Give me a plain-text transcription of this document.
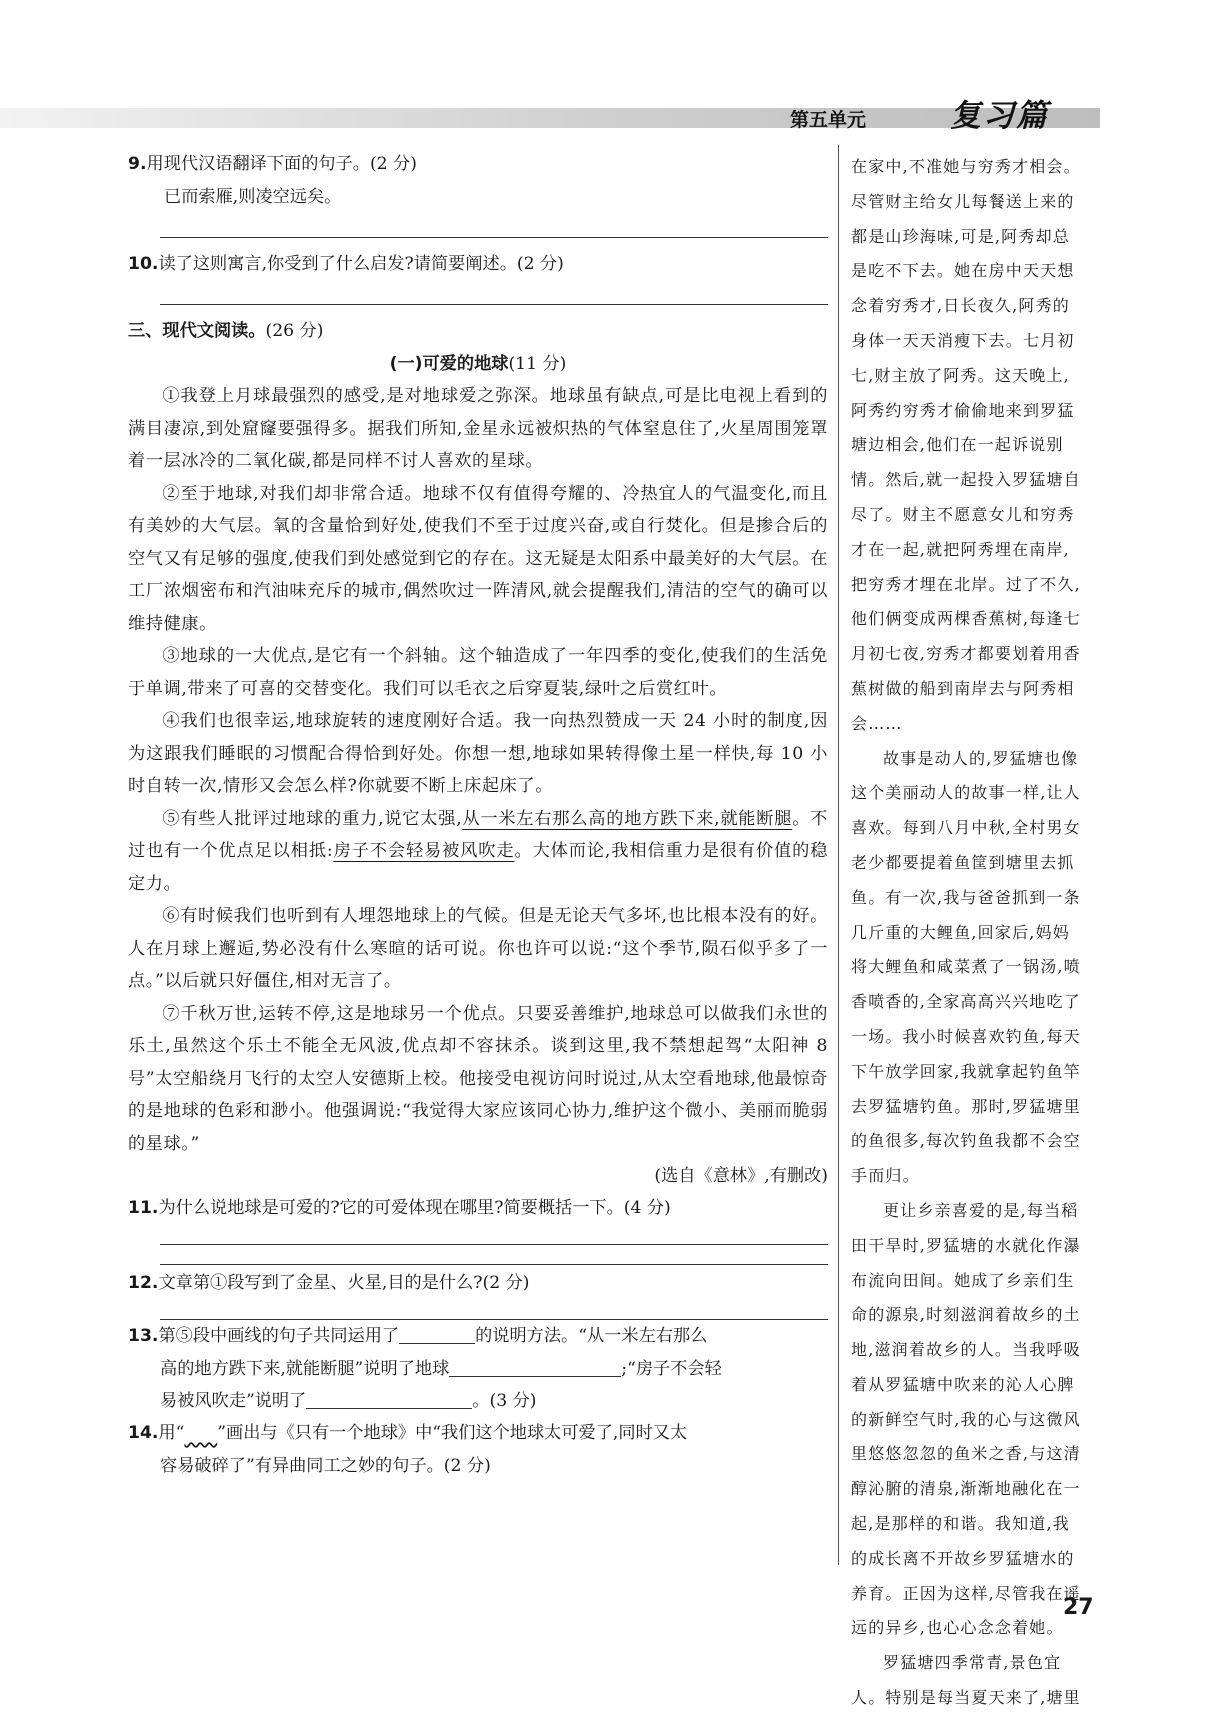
第五单元	复习篇
9.用现代汉语翻译下面的句子。(2 分)
已而索雁,则凌空远矣。
10.读了这则寓言,你受到了什么启发?请简要阐述。(2 分)
三、现代文阅读。(26 分)
(一)可爱的地球(11 分)
①我登上月球最强烈的感受,是对地球爱之弥深。地球虽有缺点,可是比电视上看到的满目凄凉,到处窟窿要强得多。据我们所知,金星永远被炽热的气体窒息住了,火星周围笼罩着一层冰冷的二氧化碳,都是同样不讨人喜欢的星球。
②至于地球,对我们却非常合适。地球不仅有值得夸耀的、冷热宜人的气温变化,而且有美妙的大气层。氧的含量恰到好处,使我们不至于过度兴奋,或自行焚化。但是掺合后的空气又有足够的强度,使我们到处感觉到它的存在。这无疑是太阳系中最美好的大气层。在工厂浓烟密布和汽油味充斥的城市,偶然吹过一阵清风,就会提醒我们,清洁的空气的确可以维持健康。
③地球的一大优点,是它有一个斜轴。这个轴造成了一年四季的变化,使我们的生活免于单调,带来了可喜的交替变化。我们可以毛衣之后穿夏装,绿叶之后赏红叶。
④我们也很幸运,地球旋转的速度刚好合适。我一向热烈赞成一天 24 小时的制度,因为这跟我们睡眠的习惯配合得恰到好处。你想一想,地球如果转得像土星一样快,每 10 小时自转一次,情形又会怎么样?你就要不断上床起床了。
⑤有些人批评过地球的重力,说它太强,从一米左右那么高的地方跌下来,就能断腿。不过也有一个优点足以相抵:房子不会轻易被风吹走。大体而论,我相信重力是很有价值的稳定力。
⑥有时候我们也听到有人埋怨地球上的气候。但是无论天气多坏,也比根本没有的好。人在月球上邂逅,势必没有什么寒暄的话可说。你也许可以说:“这个季节,陨石似乎多了一点。”以后就只好僵住,相对无言了。
⑦千秋万世,运转不停,这是地球另一个优点。只要妥善维护,地球总可以做我们永世的乐土,虽然这个乐土不能全无风波,优点却不容抹杀。谈到这里,我不禁想起驾“太阳神 8 号”太空船绕月飞行的太空人安德斯上校。他接受电视访问时说过,从太空看地球,他最惊奇的是地球的色彩和渺小。他强调说:“我觉得大家应该同心协力,维护这个微小、美丽而脆弱的星球。”
(选自《意林》,有删改)
11.为什么说地球是可爱的?它的可爱体现在哪里?简要概括一下。(4 分)
12.文章第①段写到了金星、火星,目的是什么?(2 分)
13.第⑤段中画线的句子共同运用了	的说明方法。“从一米左右那么
高的地方跌下来,就能断腿”说明了地球	;“房子不会轻
易被风吹走”说明了	。(3 分)
14.用“ ”画出与《只有一个地球》中“我们这个地球太可爱了,同时又太
容易破碎了”有异曲同工之妙的句子。(2 分)
在家中,不准她与穷秀才相会。
尽管财主给女儿每餐送上来的
都是山珍海味,可是,阿秀却总
是吃不下去。她在房中天天想
念着穷秀才,日长夜久,阿秀的
身体一天天消瘦下去。七月初
七,财主放了阿秀。这天晚上,
阿秀约穷秀才偷偷地来到罗猛
塘边相会,他们在一起诉说别
情。然后,就一起投入罗猛塘自
尽了。财主不愿意女儿和穷秀
才在一起,就把阿秀埋在南岸,
把穷秀才埋在北岸。过了不久,
他们俩变成两棵香蕉树,每逢七
月初七夜,穷秀才都要划着用香
蕉树做的船到南岸去与阿秀相
会……
故事是动人的,罗猛塘也像
这个美丽动人的故事一样,让人
喜欢。每到八月中秋,全村男女
老少都要提着鱼筐到塘里去抓
鱼。有一次,我与爸爸抓到一条
几斤重的大鲤鱼,回家后,妈妈
将大鲤鱼和咸菜煮了一锅汤,喷
香喷香的,全家高高兴兴地吃了
一场。我小时候喜欢钓鱼,每天
下午放学回家,我就拿起钓鱼竿
去罗猛塘钓鱼。那时,罗猛塘里
的鱼很多,每次钓鱼我都不会空
手而归。
更让乡亲喜爱的是,每当稻
田干旱时,罗猛塘的水就化作瀑
布流向田间。她成了乡亲们生
命的源泉,时刻滋润着故乡的土
地,滋润着故乡的人。当我呼吸
着从罗猛塘中吹来的沁人心脾
的新鲜空气时,我的心与这微风
里悠悠忽忽的鱼米之香,与这清
醇沁腑的清泉,渐渐地融化在一
起,是那样的和谐。我知道,我
的成长离不开故乡罗猛塘水的
养育。正因为这样,尽管我在遥
远的异乡,也心心念念着她。
罗猛塘四季常青,景色宜
人。特别是每当夏天来了,塘里
27
